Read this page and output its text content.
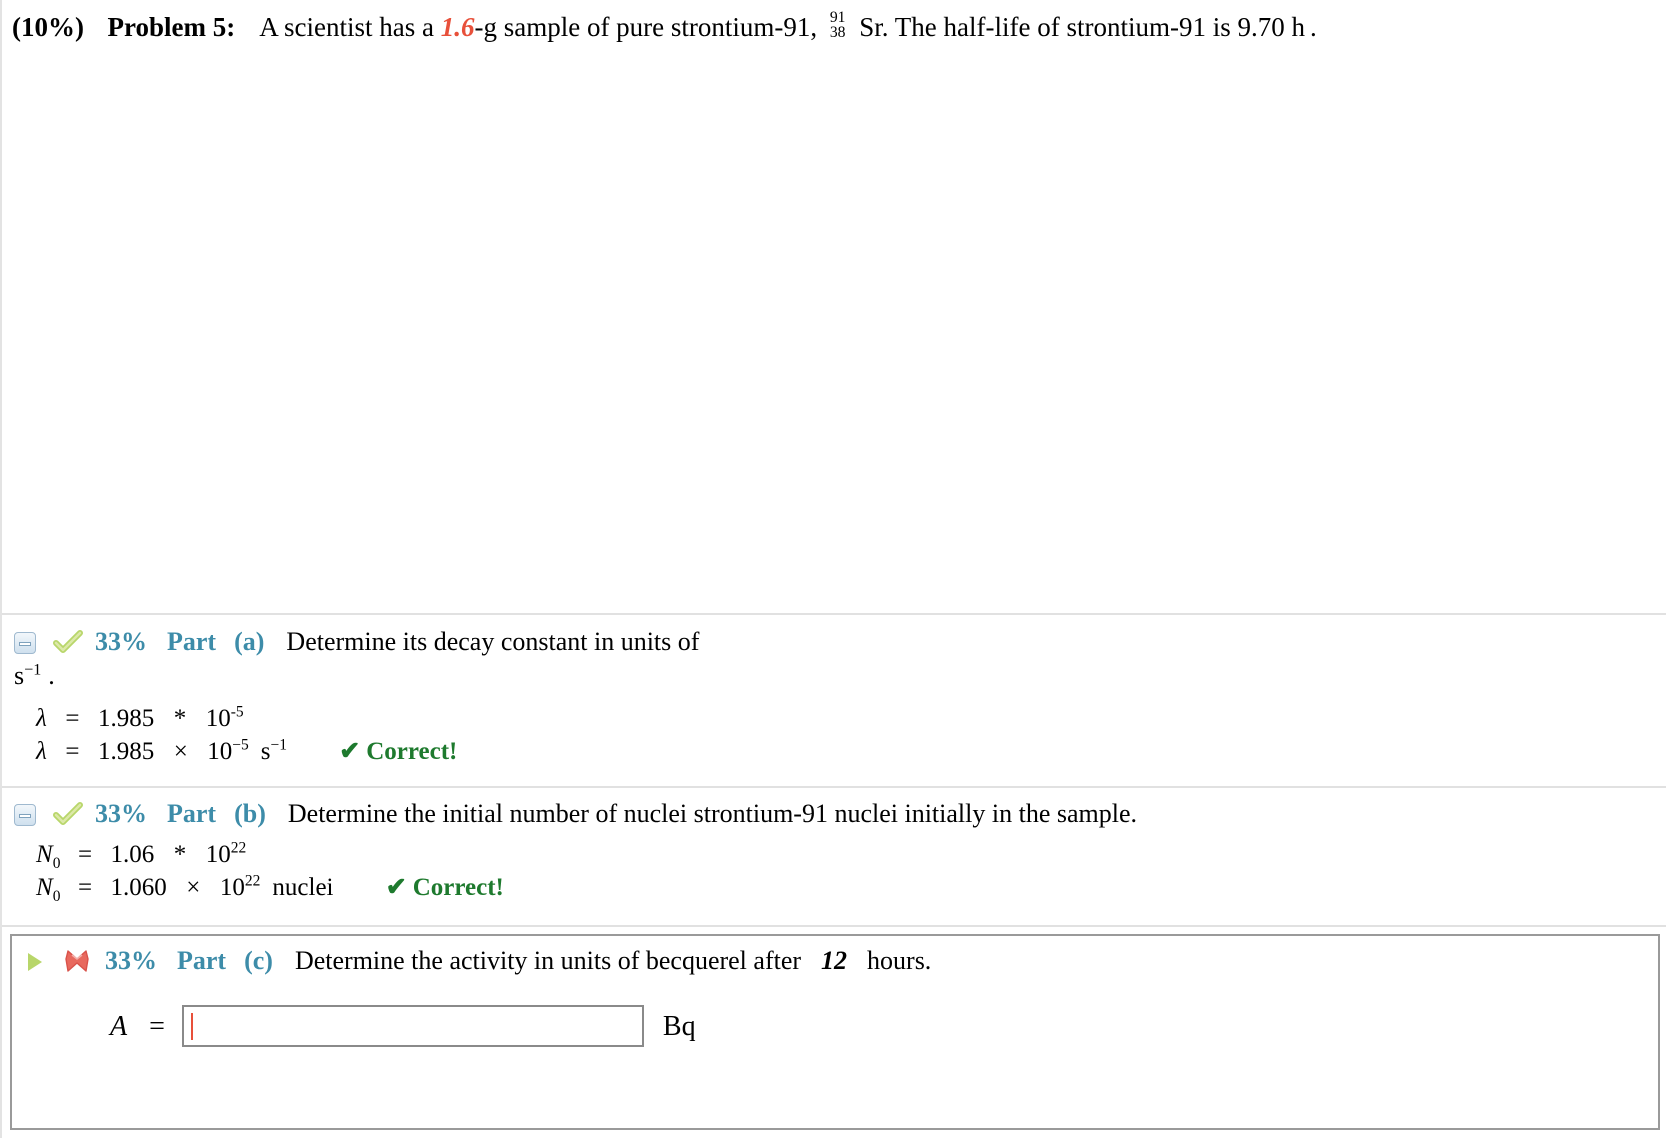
(10%) Problem 5: A scientist has a 1.6-g sample of pure strontium-91, 91
38 Sr. The half-life of strontium-91 is 9.70 h .
33% Part (a) Determine its decay constant in units of
$s^{-1}$ .
$\lambda = 1.985 * 10^{-5}$
$\lambda = 1.985 \times 10^{-5}$ $s^{-1}$ ✔ Correct!
33% Part (b) Determine the initial number of nuclei strontium-91 nuclei initially in the sample.
$N_0 = 1.06 * 10^{22}$
$N_0 = 1.060 \times 10^{22}$ nuclei ✔ Correct!
33% Part (c) Determine the activity in units of becquerel after 12 hours.
A =	Bq
